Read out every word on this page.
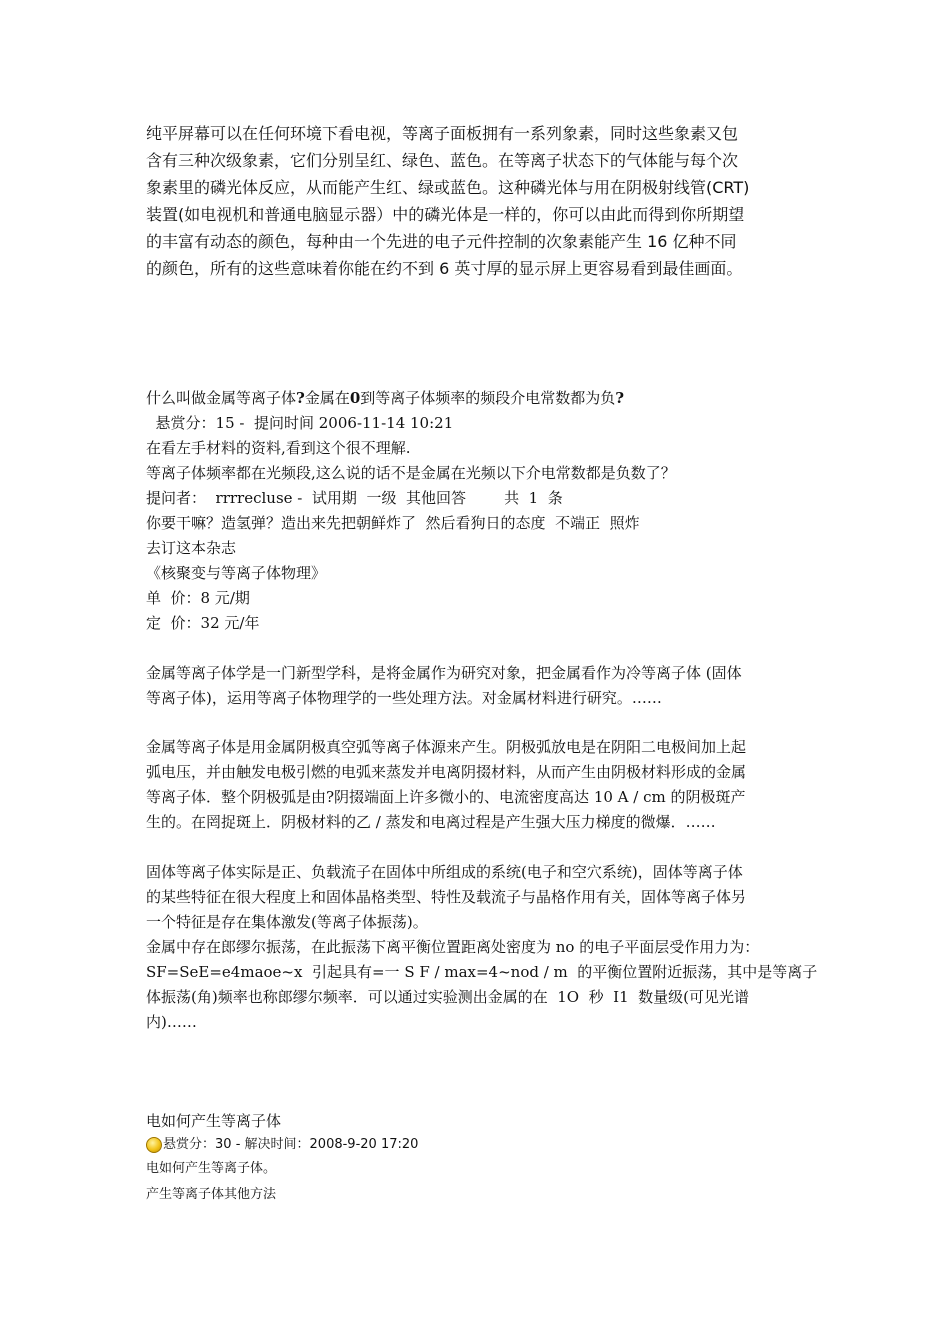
纯平屏幕可以在任何环境下看电视，等离子面板拥有一系列象素，同时这些象素又包
含有三种次级象素，它们分别呈红、绿色、蓝色。在等离子状态下的气体能与每个次
象素里的磷光体反应，从而能产生红、绿或蓝色。这种磷光体与用在阴极射线管(CRT)
装置(如电视机和普通电脑显示器）中的磷光体是一样的，你可以由此而得到你所期望
的丰富有动态的颜色，每种由一个先进的电子元件控制的次象素能产生 16 亿种不同
的颜色，所有的这些意味着你能在约不到 6 英寸厚的显示屏上更容易看到最佳画面。
什么叫做金属等离子体?金属在0到等离子体频率的频段介电常数都为负?
悬赏分：15 -  提问时间 2006-11-14 10:21
在看左手材料的资料,看到这个很不理解.
等离子体频率都在光频段,这么说的话不是金属在光频以下介电常数都是负数了？
提问者：  rrrrecluse -  试用期  一级  其他回答        共  1  条
你要干嘛？造氢弹？造出来先把朝鲜炸了  然后看狗日的态度  不端正  照炸
去订这本杂志
《核聚变与等离子体物理》
单  价：8 元/期
定  价：32 元/年
金属等离子体学是一门新型学科，是将金属作为研究对象，把金属看作为冷等离子体 (固体
等离子体)，运用等离子体物理学的一些处理方法。对金属材料进行研究。……
金属等离子体是用金属阴极真空弧等离子体源来产生。阴极弧放电是在阴阳二电极间加上起
弧电压，并由触发电极引燃的电弧来蒸发并电离阴掇材料，从而产生由阴极材料形成的金属
等离子体．整个阴极弧是由?阴掇端面上许多微小的、电流密度高达 10 A / cm 的阴极斑产
生的。在罔捉斑上．阴极材料的乙 / 蒸发和电离过程是产生强大压力梯度的微爆．……
固体等离子体实际是正、负载流子在固体中所组成的系统(电子和空穴系统)，固体等离子体
的某些特征在很大程度上和固体晶格类型、特性及载流子与晶格作用有关，固体等离子体另
一个特征是存在集体激发(等离子体振荡)。
金属中存在郎缪尔振荡，在此振荡下离平衡位置距离处密度为 no 的电子平面层受作用力为：
SF=SeE=e4maoe~x  引起具有=一 S F / max=4~nod / m  的平衡位置附近振荡，其中是等离子
体振荡(角)频率也称郎缪尔频率．可以通过实验测出金属的在  1O  秒  I1  数量级(可见光谱
内)……
电如何产生等离子体
悬赏分： 30 - 解决时间： 2008-9-20 17:20
电如何产生等离子体。
产生等离子体其他方法
